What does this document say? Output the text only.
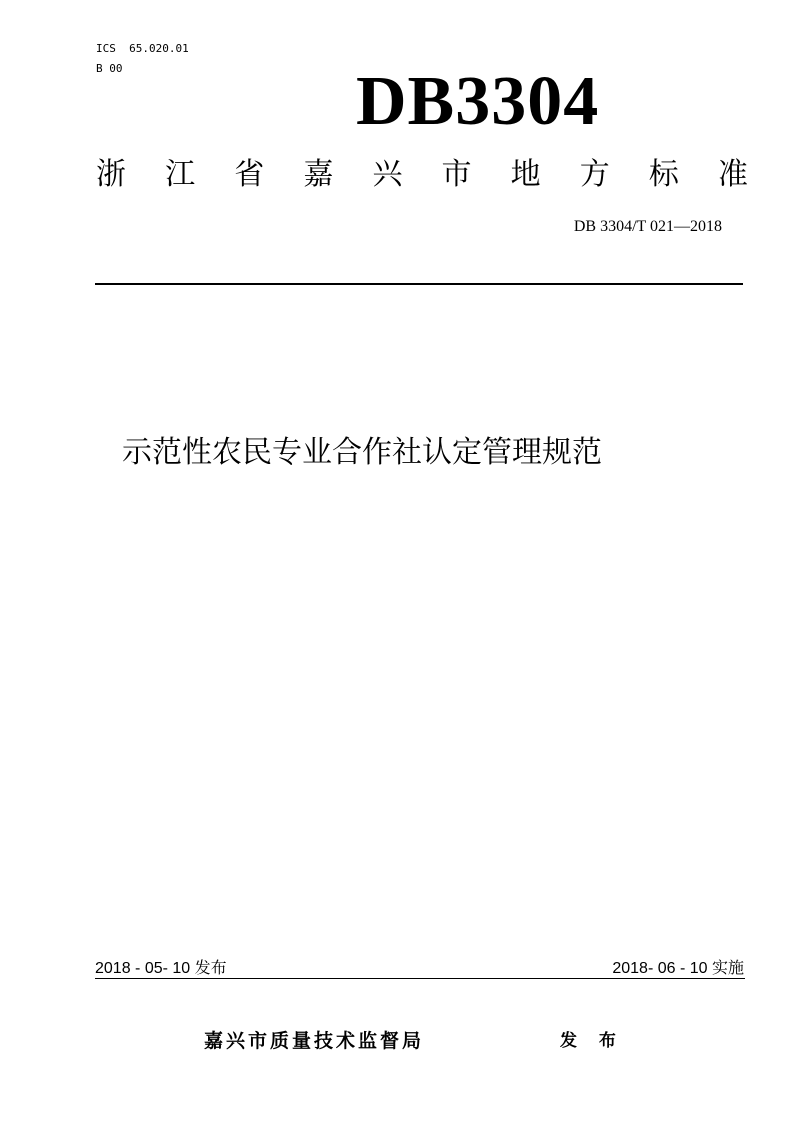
ICS  65.020.01
B 00	DB3304
浙 江 省 嘉 兴 市 地 方 标 准
DB 3304/T 021—2018
示范性农民专业合作社认定管理规范
2018 - 05- 10 发布	2018- 06 - 10 实施
嘉兴市质量技术监督局	发 布
